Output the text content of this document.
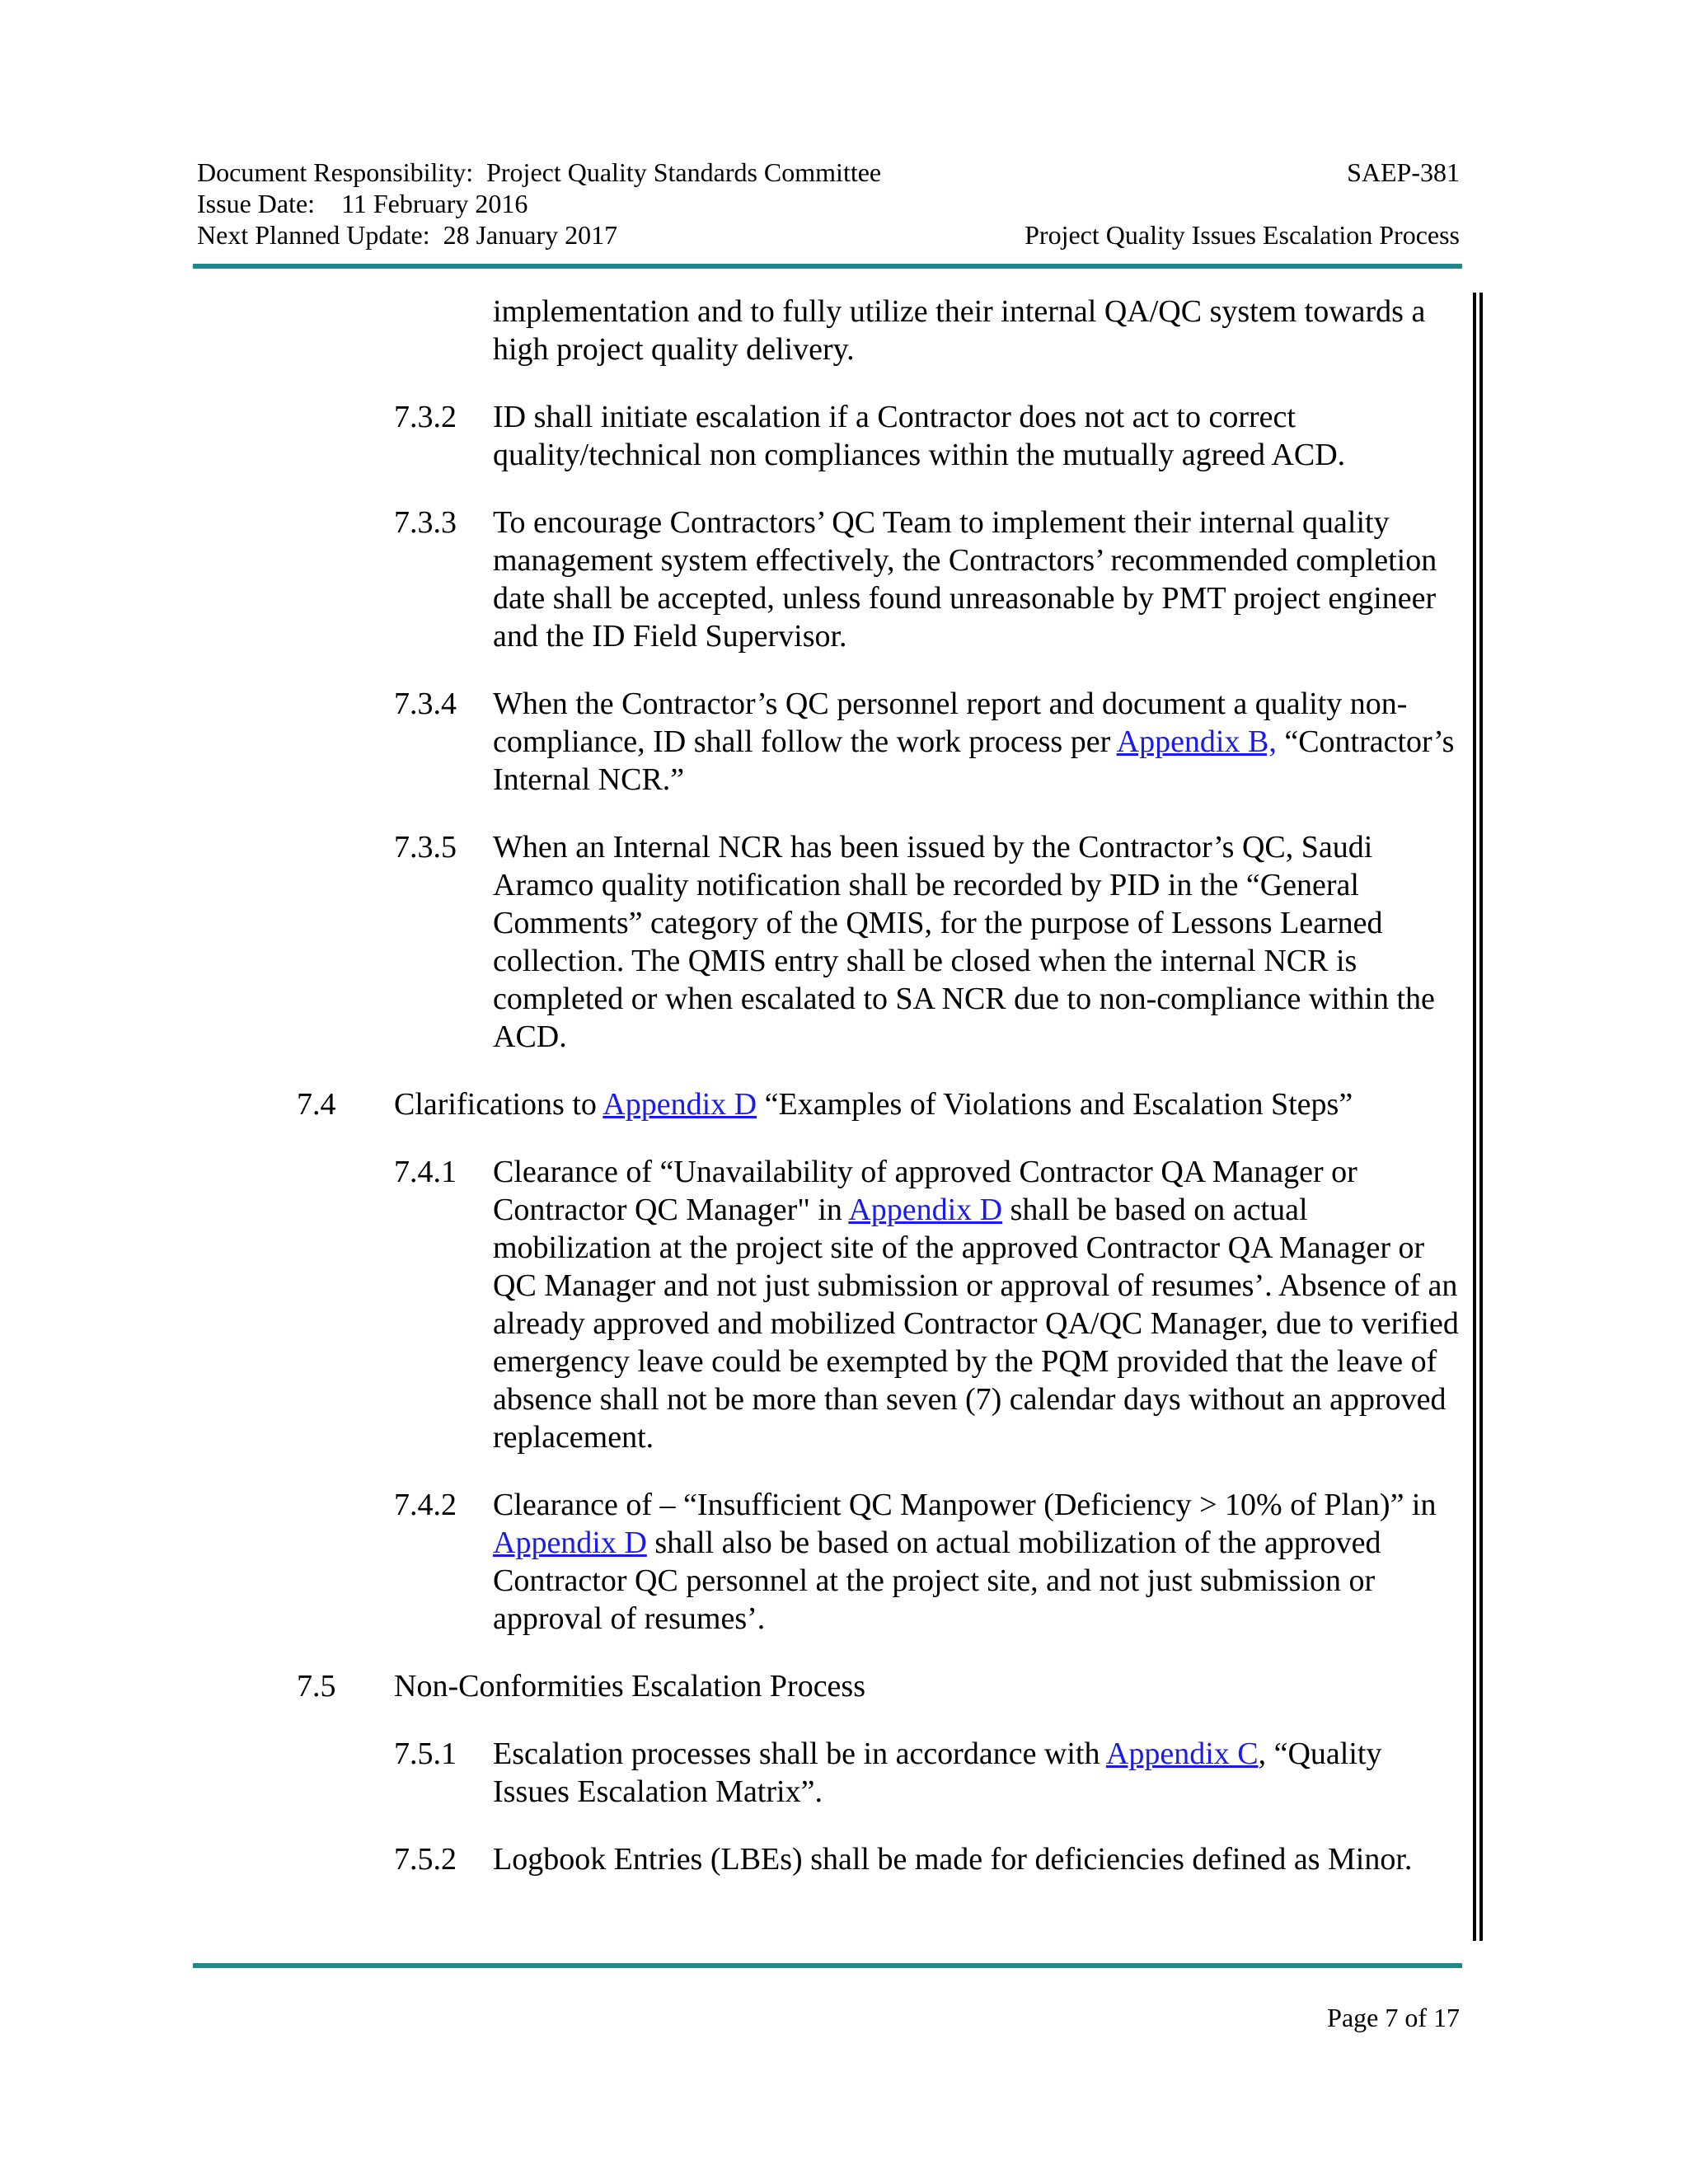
Document Responsibility:  Project Quality Standards Committee	SAEP-381
Issue Date:    11 February 2016
Next Planned Update:  28 January 2017	Project Quality Issues Escalation Process
implementation and to fully utilize their internal QA/QC system towards a high project quality delivery.
7.3.2 ID shall initiate escalation if a Contractor does not act to correct quality/technical non compliances within the mutually agreed ACD.
7.3.3 To encourage Contractors’ QC Team to implement their internal quality management system effectively, the Contractors’ recommended completion date shall be accepted, unless found unreasonable by PMT project engineer and the ID Field Supervisor.
7.3.4 When the Contractor’s QC personnel report and document a quality non-compliance, ID shall follow the work process per Appendix B, “Contractor’s Internal NCR.”
7.3.5 When an Internal NCR has been issued by the Contractor’s QC, Saudi Aramco quality notification shall be recorded by PID in the “General Comments” category of the QMIS, for the purpose of Lessons Learned collection. The QMIS entry shall be closed when the internal NCR is completed or when escalated to SA NCR due to non-compliance within the ACD.
7.4 Clarifications to Appendix D “Examples of Violations and Escalation Steps”
7.4.1 Clearance of “Unavailability of approved Contractor QA Manager or Contractor QC Manager" in Appendix D shall be based on actual mobilization at the project site of the approved Contractor QA Manager or QC Manager and not just submission or approval of resumes’. Absence of an already approved and mobilized Contractor QA/QC Manager, due to verified emergency leave could be exempted by the PQM provided that the leave of absence shall not be more than seven (7) calendar days without an approved replacement.
7.4.2 Clearance of – “Insufficient QC Manpower (Deficiency > 10% of Plan)” in Appendix D shall also be based on actual mobilization of the approved Contractor QC personnel at the project site, and not just submission or approval of resumes’.
7.5 Non-Conformities Escalation Process
7.5.1 Escalation processes shall be in accordance with Appendix C, “Quality Issues Escalation Matrix”.
7.5.2 Logbook Entries (LBEs) shall be made for deficiencies defined as Minor.
Page 7 of 17
